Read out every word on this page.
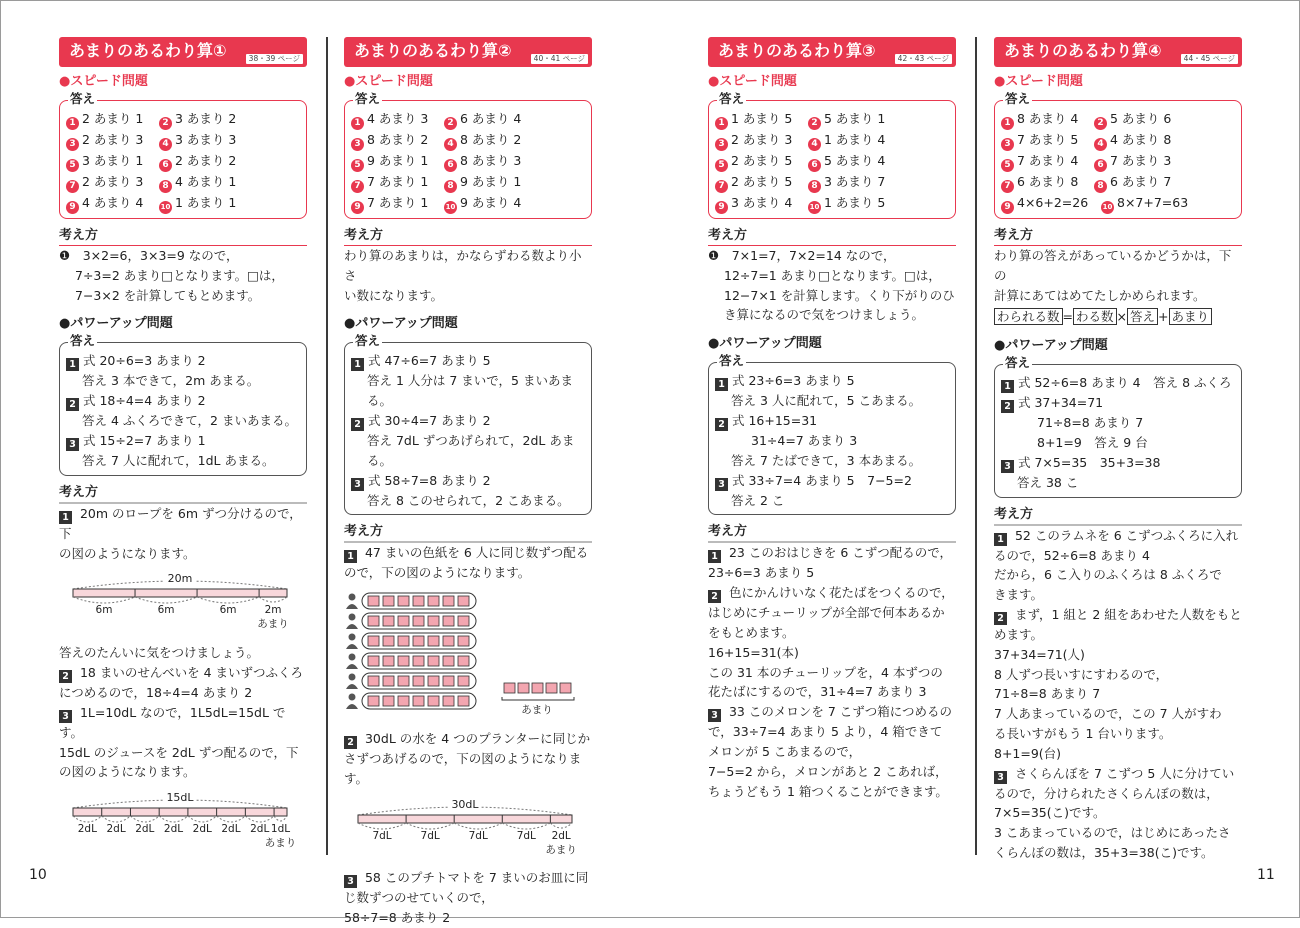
あまりのあるわり算①	38・39 ページ
●スピード問題
答え
1 2 あまり 1	2 3 あまり 2
3 2 あまり 3	4 3 あまり 3
5 3 あまり 1	6 2 あまり 2
7 2 あまり 3	8 4 あまり 1
9 4 あまり 4	10 1 あまり 1
考え方
❶　3×2=6，3×3=9 なので，
7÷3=2 あまり□となります。□は，
7−3×2 を計算してもとめます。
●パワーアップ問題
答え
1 式 20÷6=3 あまり 2
答え 3 本できて，2m あまる。
2 式 18÷4=4 あまり 2
答え 4 ふくろできて，2 まいあまる。
3 式 15÷2=7 あまり 1
答え 7 人に配れて，1dL あまる。
考え方
1 20m のロープを 6m ずつ分けるので，下
の図のようになります。
20m
6m	6m	6m	2m
あまり
答えのたんいに気をつけましょう。
2 18 まいのせんべいを 4 まいずつふくろ
につめるので，18÷4=4 あまり 2
3 1L=10dL なので，1L5dL=15dL です。
15dL のジュースを 2dL ずつ配るので，下
の図のようになります。
15dL
2dL 2dL 2dL 2dL 2dL 2dL 2dL 1dL
あまり
あまりのあるわり算②	40・41 ページ
●スピード問題
答え
1 4 あまり 3	2 6 あまり 4
3 8 あまり 2	4 8 あまり 2
5 9 あまり 1	6 8 あまり 3
7 7 あまり 1	8 9 あまり 1
9 7 あまり 1	10 9 あまり 4
考え方
わり算のあまりは，かならずわる数より小さ
い数になります。
●パワーアップ問題
答え
1 式 47÷6=7 あまり 5
答え 1 人分は 7 まいで，5 まいあまる。
2 式 30÷4=7 あまり 2
答え 7dL ずつあげられて，2dL あまる。
3 式 58÷7=8 あまり 2
答え 8 このせられて，2 こあまる。
考え方
1 47 まいの色紙を 6 人に同じ数ずつ配る
ので，下の図のようになります。
あまり
2 30dL の水を 4 つのプランターに同じか
さずつあげるので，下の図のようになります。
30dL
7dL	7dL	7dL	7dL 2dL
あまり
3 58 このプチトマトを 7 まいのお皿に同
じ数ずつのせていくので，
58÷7=8 あまり 2
あまりのあるわり算③	42・43 ページ
●スピード問題
答え
1 1 あまり 5	2 5 あまり 1
3 2 あまり 3	4 1 あまり 4
5 2 あまり 5	6 5 あまり 4
7 2 あまり 5	8 3 あまり 7
9 3 あまり 4	10 1 あまり 5
考え方
❶　7×1=7，7×2=14 なので，
12÷7=1 あまり□となります。□は，
12−7×1 を計算します。くり下がりのひ
き算になるので気をつけましょう。
●パワーアップ問題
答え
1 式 23÷6=3 あまり 5
答え 3 人に配れて，5 こあまる。
2 式 16+15=31
31÷4=7 あまり 3
答え 7 たばできて，3 本あまる。
3 式 33÷7=4 あまり 5　7−5=2
答え 2 こ
考え方
1 23 このおはじきを 6 こずつ配るので，
23÷6=3 あまり 5
2 色にかんけいなく花たばをつくるので，
はじめにチューリップが全部で何本あるか
をもとめます。
16+15=31(本)
この 31 本のチューリップを，4 本ずつの
花たばにするので，31÷4=7 あまり 3
3 33 このメロンを 7 こずつ箱につめるの
で，33÷7=4 あまり 5 より，4 箱できて
メロンが 5 こあまるので，
7−5=2 から，メロンがあと 2 こあれば，
ちょうどもう 1 箱つくることができます。
あまりのあるわり算④	44・45 ページ
●スピード問題
答え
1 8 あまり 4	2 5 あまり 6
3 7 あまり 5	4 4 あまり 8
5 7 あまり 4	6 7 あまり 3
7 6 あまり 8	8 6 あまり 7
9 4×6+2=26	10 8×7+7=63
考え方
わり算の答えがあっているかどうかは，下の
計算にあてはめてたしかめられます。
わられる数 = わる数 × 答え + あまり
●パワーアップ問題
答え
1 式 52÷6=8 あまり 4　答え 8 ふくろ
2 式 37+34=71
71÷8=8 あまり 7
8+1=9　答え 9 台
3 式 7×5=35　35+3=38
答え 38 こ
考え方
1 52 このラムネを 6 こずつふくろに入れ
るので，52÷6=8 あまり 4
だから，6 こ入りのふくろは 8 ふくろで
きます。
2 まず，1 組と 2 組をあわせた人数をもと
めます。
37+34=71(人)
8 人ずつ長いすにすわるので，
71÷8=8 あまり 7
7 人あまっているので，この 7 人がすわ
る長いすがもう 1 台いります。
8+1=9(台)
3 さくらんぼを 7 こずつ 5 人に分けてい
るので，分けられたさくらんぼの数は，
7×5=35(こ)です。
3 こあまっているので，はじめにあったさ
くらんぼの数は，35+3=38(こ)です。
10	11
